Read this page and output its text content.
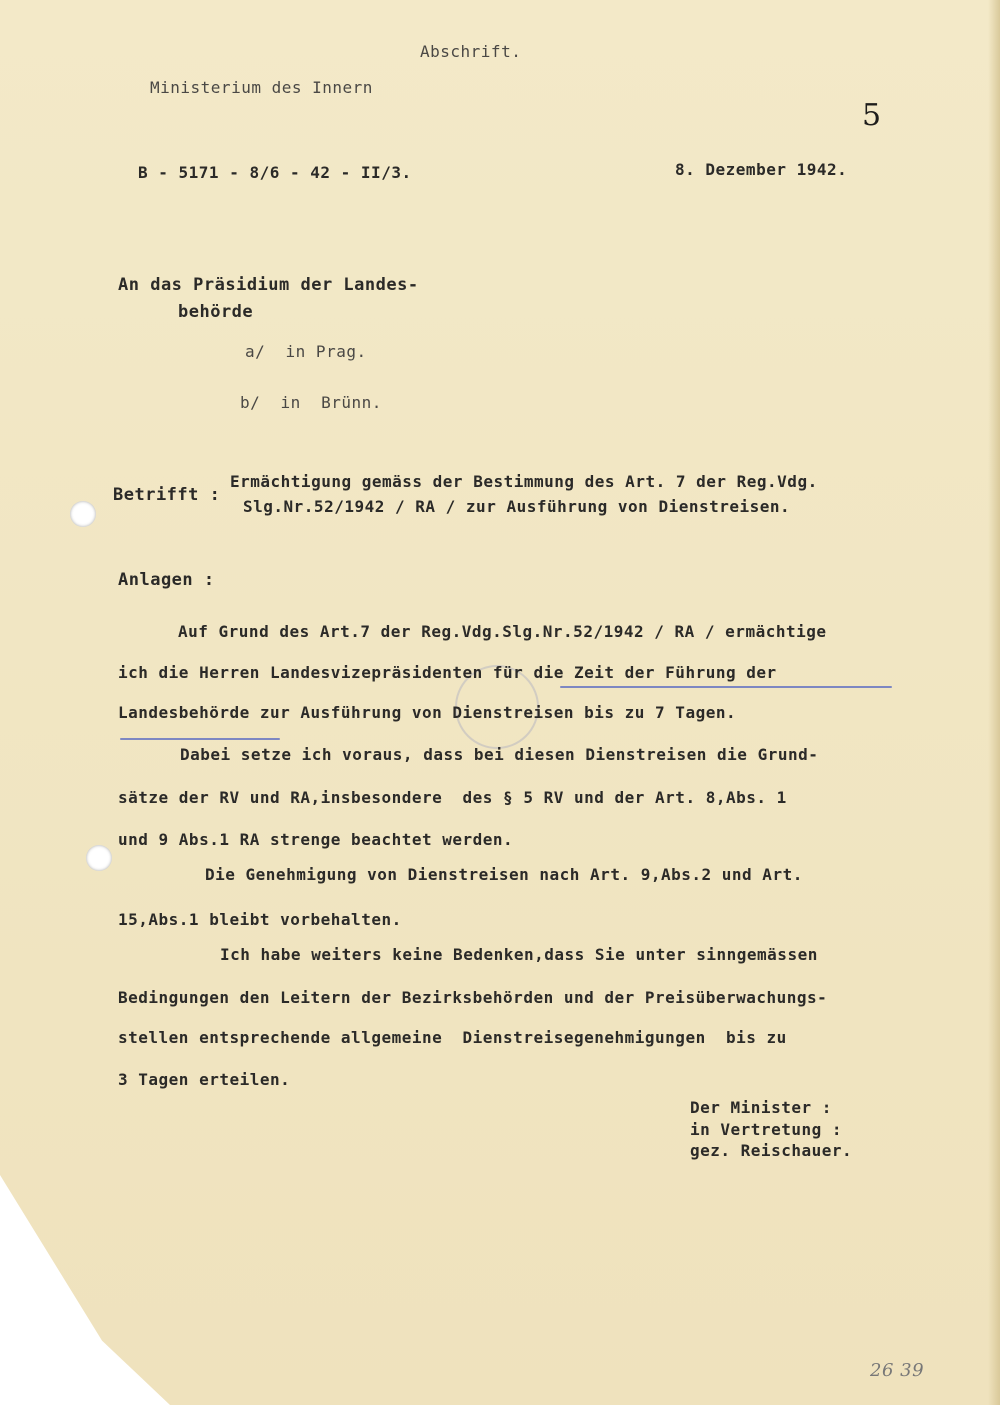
Abschrift.
Ministerium des Innern
5
B - 5171 - 8/6 - 42 - II/3.	8. Dezember 1942.
An das Präsidium der Landes-
behörde
a/  in Prag.
b/  in  Brünn.
Betrifft :
Ermächtigung gemäss der Bestimmung des Art. 7 der Reg.Vdg.
Slg.Nr.52/1942 / RA / zur Ausführung von Dienstreisen.
Anlagen :
Auf Grund des Art.7 der Reg.Vdg.Slg.Nr.52/1942 / RA / ermächtige
ich die Herren Landesvizepräsidenten für die Zeit der Führung der
Landesbehörde zur Ausführung von Dienstreisen bis zu 7 Tagen.
Dabei setze ich voraus, dass bei diesen Dienstreisen die Grund-
sätze der RV und RA,insbesondere  des § 5 RV und der Art. 8,Abs. 1
und 9 Abs.1 RA strenge beachtet werden.
Die Genehmigung von Dienstreisen nach Art. 9,Abs.2 und Art.
15,Abs.1 bleibt vorbehalten.
Ich habe weiters keine Bedenken,dass Sie unter sinngemässen
Bedingungen den Leitern der Bezirksbehörden und der Preisüberwachungs-
stellen entsprechende allgemeine  Dienstreisegenehmigungen  bis zu
3 Tagen erteilen.
Der Minister :
in Vertretung :
gez. Reischauer.
26 39
